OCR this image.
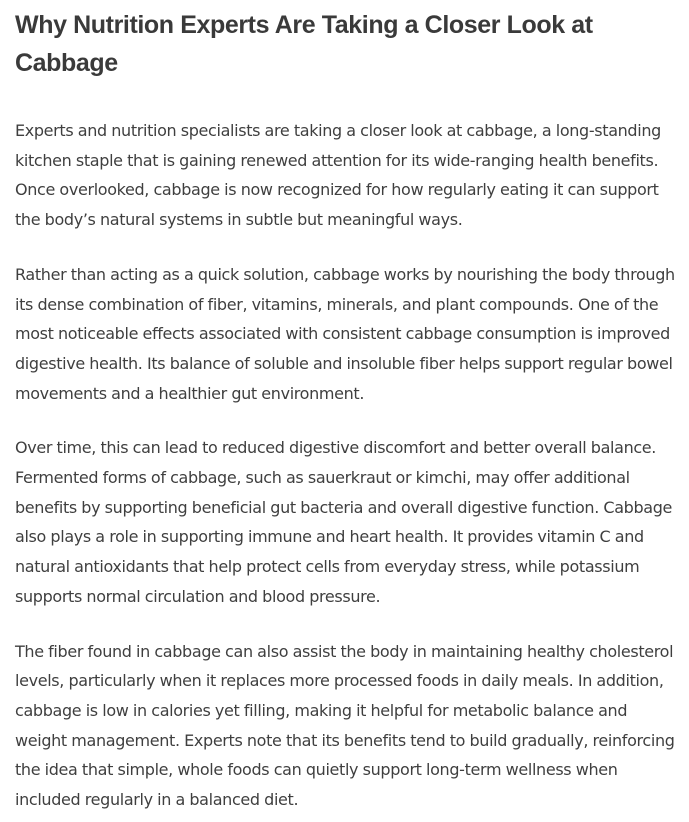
Why Nutrition Experts Are Taking a Closer Look at Cabbage

Experts and nutrition specialists are taking a closer look at cabbage, a long-standing kitchen staple that is gaining renewed attention for its wide-ranging health benefits. Once overlooked, cabbage is now recognized for how regularly eating it can support the body’s natural systems in subtle but meaningful ways.

Rather than acting as a quick solution, cabbage works by nourishing the body through its dense combination of fiber, vitamins, minerals, and plant compounds. One of the most noticeable effects associated with consistent cabbage consumption is improved digestive health. Its balance of soluble and insoluble fiber helps support regular bowel movements and a healthier gut environment.

Over time, this can lead to reduced digestive discomfort and better overall balance. Fermented forms of cabbage, such as sauerkraut or kimchi, may offer additional benefits by supporting beneficial gut bacteria and overall digestive function. Cabbage also plays a role in supporting immune and heart health. It provides vitamin C and natural antioxidants that help protect cells from everyday stress, while potassium supports normal circulation and blood pressure.

The fiber found in cabbage can also assist the body in maintaining healthy cholesterol levels, particularly when it replaces more processed foods in daily meals. In addition, cabbage is low in calories yet filling, making it helpful for metabolic balance and weight management. Experts note that its benefits tend to build gradually, reinforcing the idea that simple, whole foods can quietly support long-term wellness when included regularly in a balanced diet.
